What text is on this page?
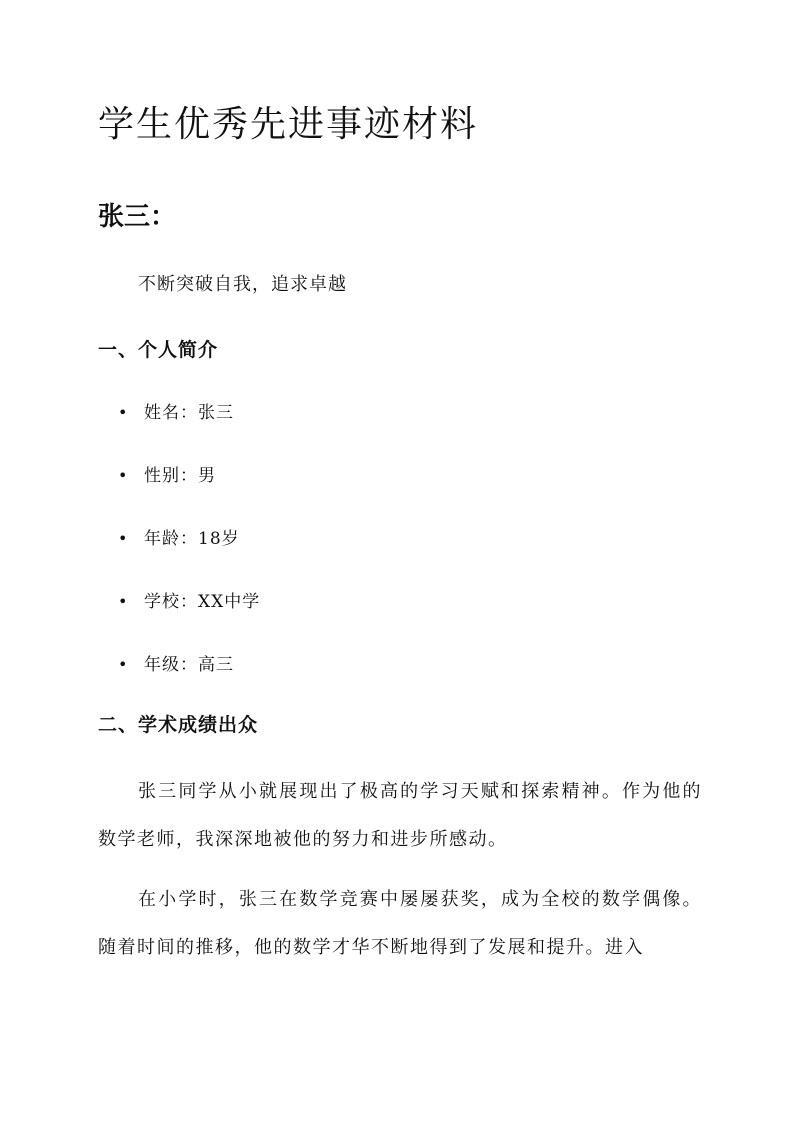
学生优秀先进事迹材料
张三：

不断突破自我，追求卓越

一、个人简介
• 姓名：张三
• 性别：男
• 年龄：18岁
• 学校：XX中学
• 年级：高三
二、学术成绩出众

张三同学从小就展现出了极高的学习天赋和探索精神。作为他的数学老师，我深深地被他的努力和进步所感动。

在小学时，张三在数学竞赛中屡屡获奖，成为全校的数学偶像。随着时间的推移，他的数学才华不断地得到了发展和提升。进入
